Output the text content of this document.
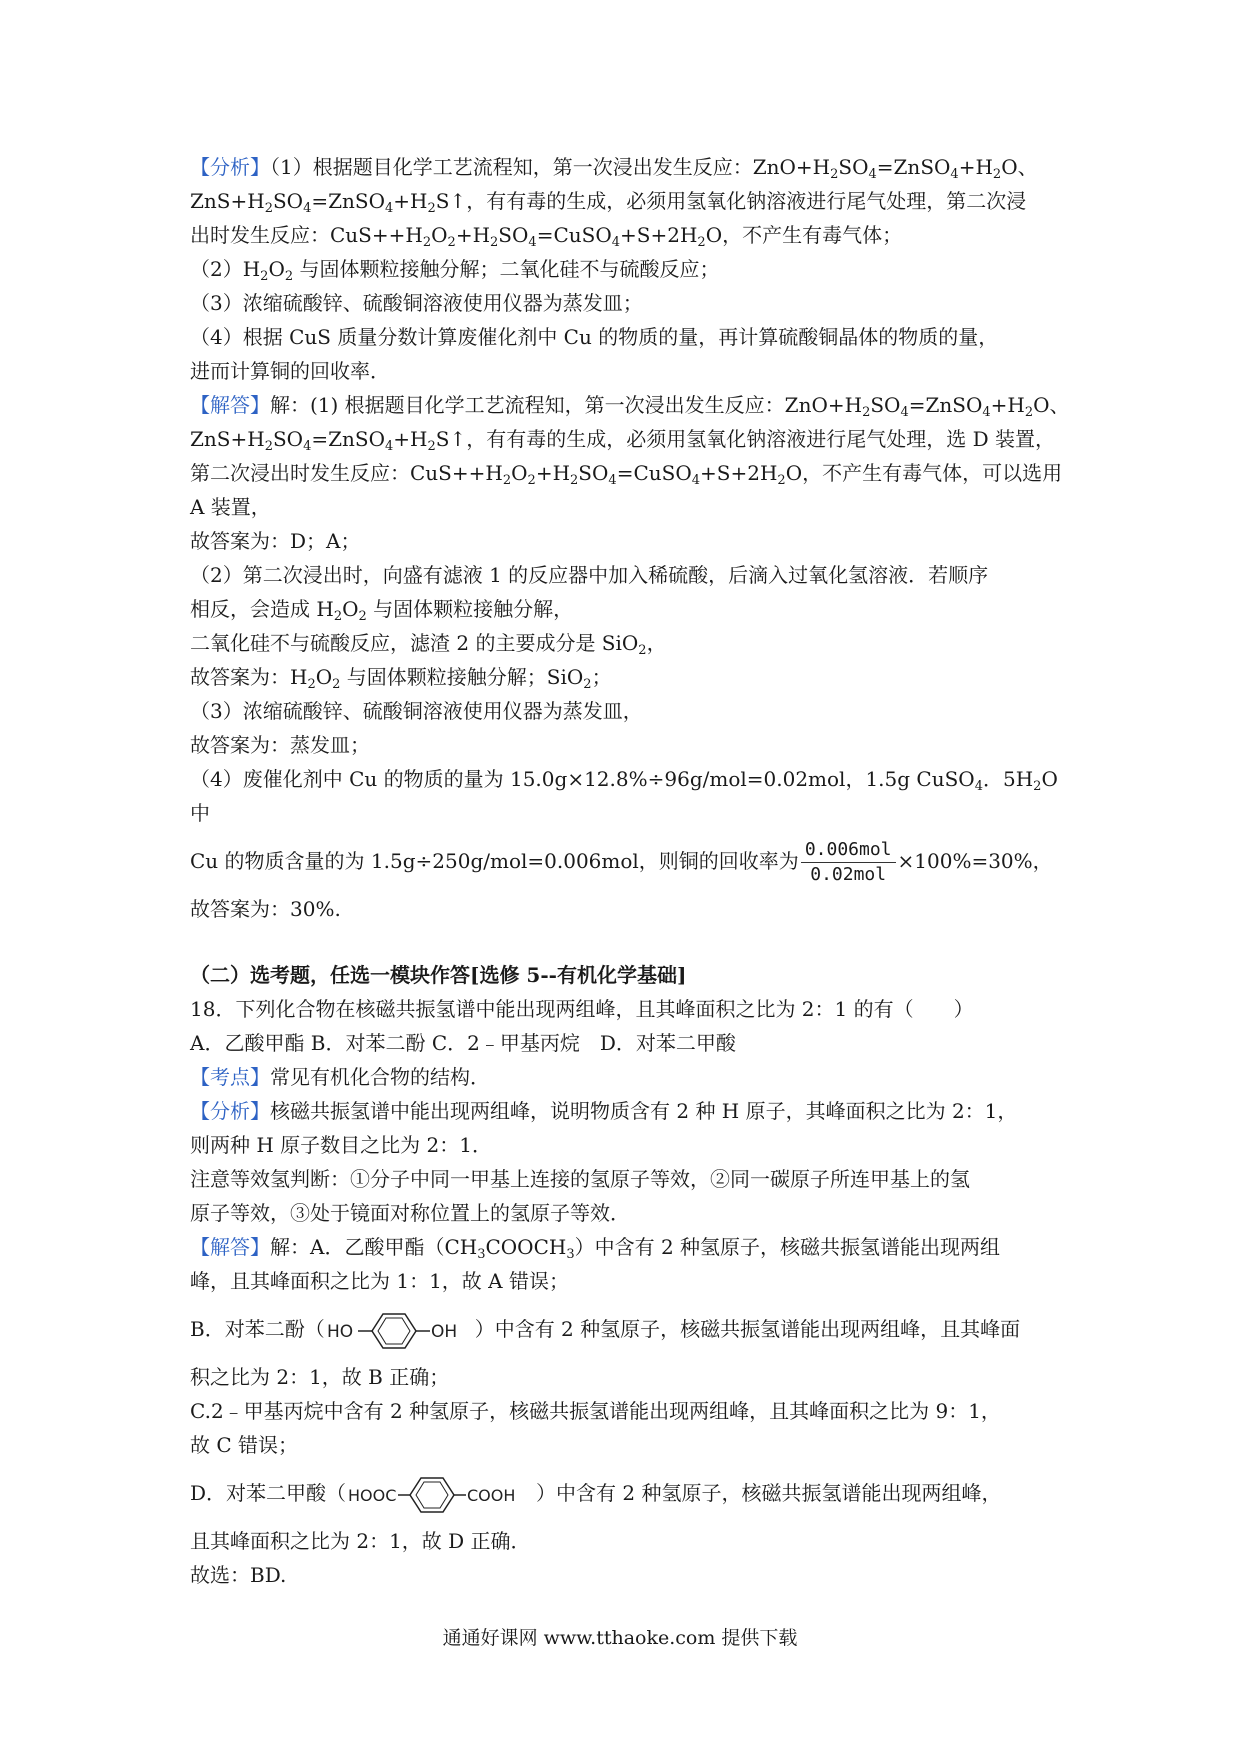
【分析】（1）根据题目化学工艺流程知，第一次浸出发生反应：$ZnO+H_2SO_4=ZnSO_4+H_2O$、

$ZnS+H_2SO_4=ZnSO_4+H_2S↑$，有有毒的生成，必须用氢氧化钠溶液进行尾气处理，第二次浸

出时发生反应：$CuS++H_2O_2+H_2SO_4=CuSO_4+S+2H_2O$，不产生有毒气体；

$(2)H_2O_2$ 与固体颗粒接触分解；二氧化硅不与硫酸反应；

（3）浓缩硫酸锌、硫酸铜溶液使用仪器为蒸发皿；

（4）根据 CuS 质量分数计算废催化剂中 Cu 的物质的量，再计算硫酸铜晶体的物质的量，

进而计算铜的回收率．

【解答】解：(1) 根据题目化学工艺流程知，第一次浸出发生反应：$ZnO+H_2SO_4=ZnSO_4+H_2O$、

$ZnS+H_2SO_4=ZnSO_4+H_2S↑$，有有毒的生成，必须用氢氧化钠溶液进行尾气处理，选 D 装置，

第二次浸出时发生反应：$CuS++H_2O_2+H_2SO_4=CuSO_4+S+2H_2O$，不产生有毒气体，可以选用

A 装置，

故答案为：D；A；

（2）第二次浸出时，向盛有滤液 1 的反应器中加入稀硫酸，后滴入过氧化氢溶液．若顺序

相反，会造成 $H_2O_2$ 与固体颗粒接触分解，

二氧化硅不与硫酸反应，滤渣 2 的主要成分是 SiO$_2$，

故答案为：$H_2O_2$ 与固体颗粒接触分解；SiO$_2$；

（3）浓缩硫酸锌、硫酸铜溶液使用仪器为蒸发皿，

故答案为：蒸发皿；

（4）废催化剂中 Cu 的物质的量为 15.0g×12.8%÷96g/mol=0.02mol，1.5g CuSO$_4$．$5H_2O$ 中

Cu 的物质含量的为 1.5g÷250g/mol=0.006mol，则铜的回收率为 $\frac{\text{0.006mol}}{\text{0.02mol}} \times 100\%=30\%$，

故答案为：30%.

（二）选考题，任选一模块作答[选修 5--有机化学基础]

18．下列化合物在核磁共振氢谱中能出现两组峰，且其峰面积之比为 2：1 的有（　　）

A．乙酸甲酯 B．对苯二酚 C．2﹣甲基丙烷　D．对苯二甲酸

【考点】常见有机化合物的结构．

【分析】核磁共振氢谱中能出现两组峰，说明物质含有 2 种 H 原子，其峰面积之比为 2：1，

则两种 H 原子数目之比为 2：1．

注意等效氢判断：①分子中同一甲基上连接的氢原子等效，②同一碳原子所连甲基上的氢

原子等效，③处于镜面对称位置上的氢原子等效．

【解答】解：A．乙酸甲酯$(CH_3COOCH_3)$中含有 2 种氢原子，核磁共振氢谱能出现两组

峰，且其峰面积之比为 1：1，故 A 错误；

B．对苯二酚（ HO	OH ）中含有 2 种氢原子，核磁共振氢谱能出现两组峰，且其峰面

积之比为 2：1，故 B 正确；

C.2﹣甲基丙烷中含有 2 种氢原子，核磁共振氢谱能出现两组峰，且其峰面积之比为 9：1，

故 C 错误；

D．对苯二甲酸（ HOOC	COOH ）中含有 2 种氢原子，核磁共振氢谱能出现两组峰，

且其峰面积之比为 2：1，故 D 正确．

故选：BD.

通通好课网 www.tthaoke.com 提供下载
